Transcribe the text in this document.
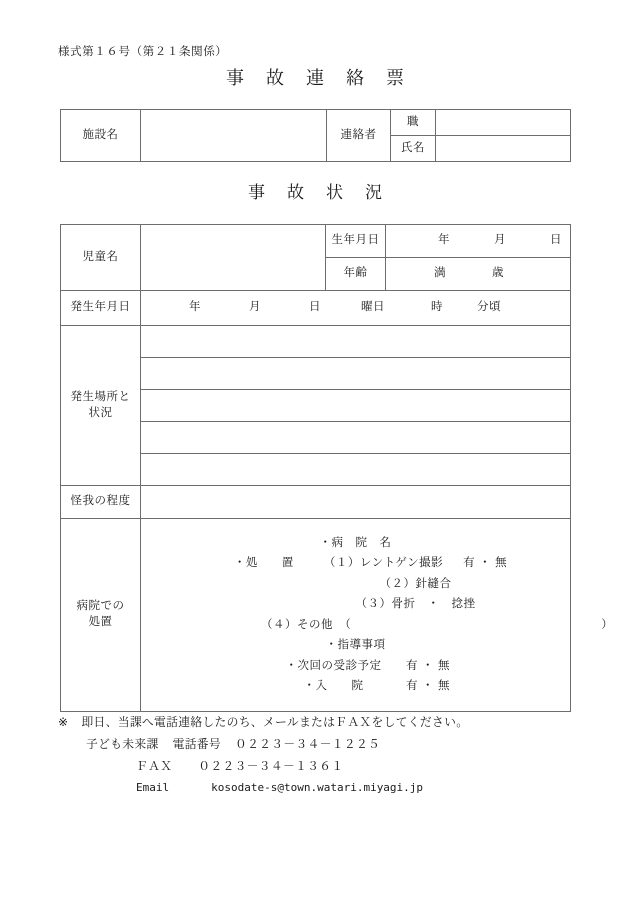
様式第１６号（第２１条関係）
事故連絡票
施設名		連絡者	職	
			氏名	
事故状況
児童名		生年月日	年 月 日

		年齢	満 歳

発生年月日	年 月 日 曜日 時 分頃		

発生場所と
状況			

怪我の程度			
病院での
処置	
・病　院　名
・処　　置	（１）レントゲン撮影 有 ・ 無
（２）針縫合
（３）骨折　・　捻挫
（４）その他　（	）
・指導事項
・次回の受診予定 有 ・ 無
・入　　院	有 ・ 無
※ 即日、当課へ電話連絡したのち、メールまたはＦＡＸをしてください。
子ども未来課 電話番号 ０２２３－３４－１２２５
ＦＡＸ ０２２３－３４－１３６１
Email	kosodate-s@town.watari.miyagi.jp
